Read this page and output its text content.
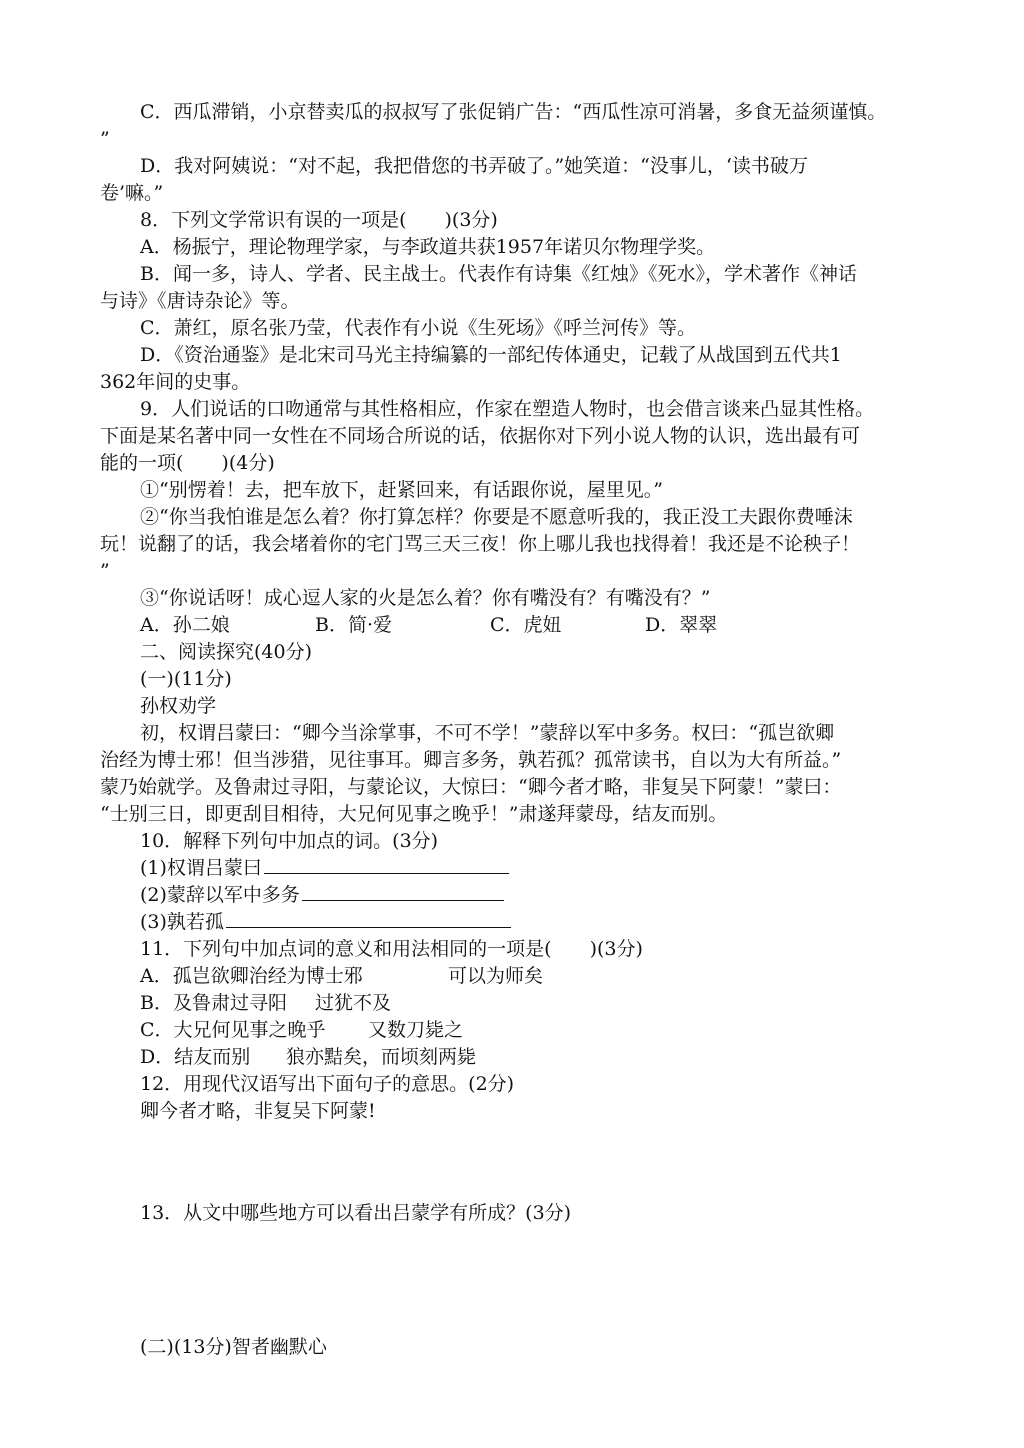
C．西瓜滞销，小京替卖瓜的叔叔写了张促销广告：“西瓜性凉可消暑，多食无益须谨慎。
”
D．我对阿姨说：“对不起，我把借您的书弄破了。”她笑道：“没事儿，‘读书破万
卷’嘛。”
8．下列文学常识有误的一项是(　　)(3分)
A．杨振宁，理论物理学家，与李政道共获1957年诺贝尔物理学奖。
B．闻一多，诗人、学者、民主战士。代表作有诗集《红烛》《死水》，学术著作《神话
与诗》《唐诗杂论》等。
C．萧红，原名张乃莹，代表作有小说《生死场》《呼兰河传》等。
D．《资治通鉴》是北宋司马光主持编纂的一部纪传体通史，记载了从战国到五代共1
362年间的史事。
9．人们说话的口吻通常与其性格相应，作家在塑造人物时，也会借言谈来凸显其性格。
下面是某名著中同一女性在不同场合所说的话，依据你对下列小说人物的认识，选出最有可
能的一项(　　)(4分)
①“别愣着！去，把车放下，赶紧回来，有话跟你说，屋里见。”
②“你当我怕谁是怎么着？你打算怎样？你要是不愿意听我的，我正没工夫跟你费唾沫
玩！说翻了的话，我会堵着你的宅门骂三天三夜！你上哪儿我也找得着！我还是不论秧子！
”
③“你说话呀！成心逗人家的火是怎么着？你有嘴没有？有嘴没有？”
A．孙二娘	B．简·爱	C．虎妞	D．翠翠
二、阅读探究(40分)
(一)(11分)
孙权劝学
初，权谓吕蒙曰：“卿今当涂掌事，不可不学！”蒙辞以军中多务。权曰：“孤岂欲卿
治经为博士邪！但当涉猎，见往事耳。卿言多务，孰若孤？孤常读书，自以为大有所益。”
蒙乃始就学。及鲁肃过寻阳，与蒙论议，大惊曰：“卿今者才略，非复吴下阿蒙！”蒙曰：
“士别三日，即更刮目相待，大兄何见事之晚乎！”肃遂拜蒙母，结友而别。
10．解释下列句中加点的词。(3分)
(1)权谓吕蒙曰
(2)蒙辞以军中多务
(3)孰若孤
11．下列句中加点词的意义和用法相同的一项是(　　)(3分)
A．孤岂欲卿治经为博士邪	可以为师矣
B．及鲁肃过寻阳 过犹不及
C．大兄何见事之晚乎 又数刀毙之
D．结友而别 狼亦黠矣，而顷刻两毙
12．用现代汉语写出下面句子的意思。(2分)
卿今者才略，非复吴下阿蒙!
13．从文中哪些地方可以看出吕蒙学有所成？(3分)
(二)(13分)智者幽默心
